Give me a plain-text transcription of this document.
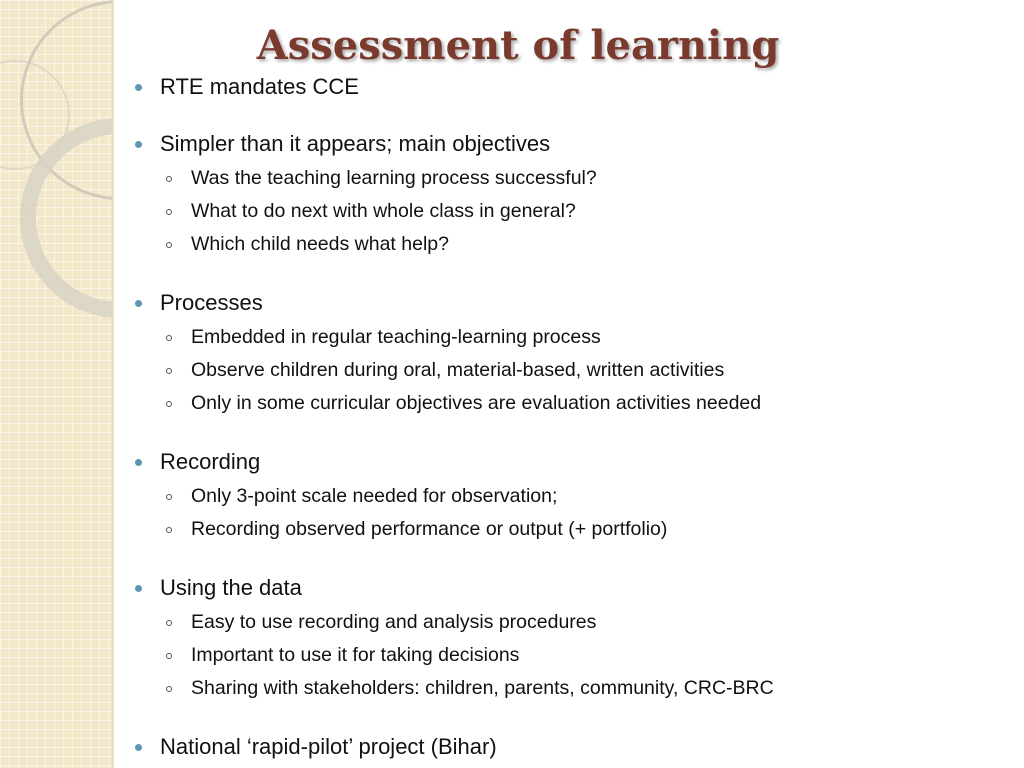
Assessment of learning
RTE mandates CCE
Simpler than it appears; main objectives
Was the teaching learning process successful?
What to do next with whole class in general?
Which child needs what help?
Processes
Embedded in regular teaching-learning process
Observe children during oral, material-based, written activities
Only in some curricular objectives are evaluation activities needed
Recording
Only 3-point scale needed for observation;
Recording observed performance or output (+ portfolio)
Using the data
Easy to use recording and analysis procedures
Important to use it for taking decisions
Sharing with stakeholders: children, parents, community, CRC-BRC
National ‘rapid-pilot’ project (Bihar)
